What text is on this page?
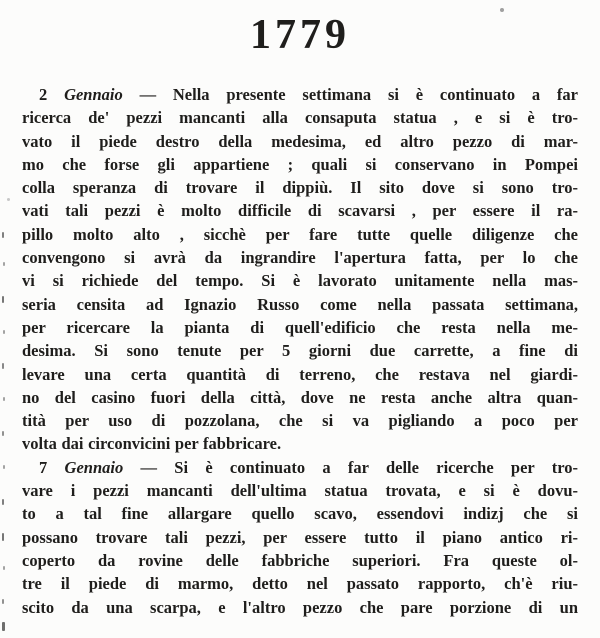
1779
2 Gennaio — Nella presente settimana si è continuato a far
ricerca de' pezzi mancanti alla consaputa statua , e si è tro-
vato il piede destro della medesima, ed altro pezzo di mar-
mo che forse gli appartiene ; quali si conservano in Pompei
colla speranza di trovare il dippiù. Il sito dove si sono tro-
vati tali pezzi è molto difficile di scavarsi , per essere il ra-
pillo molto alto , sicchè per fare tutte quelle diligenze che
convengono si avrà da ingrandire l'apertura fatta, per lo che
vi si richiede del tempo. Si è lavorato unitamente nella mas-
seria censita ad Ignazio Russo come nella passata settimana,
per ricercare la pianta di quell'edificio che resta nella me-
desima. Si sono tenute per 5 giorni due carrette, a fine di
levare una certa quantità di terreno, che restava nel giardi-
no del casino fuori della città, dove ne resta anche altra quan-
tità per uso di pozzolana, che si va pigliando a poco per
volta dai circonvicini per fabbricare.
7 Gennaio — Si è continuato a far delle ricerche per tro-
vare i pezzi mancanti dell'ultima statua trovata, e si è dovu-
to a tal fine allargare quello scavo, essendovi indizj che si
possano trovare tali pezzi, per essere tutto il piano antico ri-
coperto da rovine delle fabbriche superiori. Fra queste ol-
tre il piede di marmo, detto nel passato rapporto, ch'è riu-
scito da una scarpa, e l'altro pezzo che pare porzione di un
